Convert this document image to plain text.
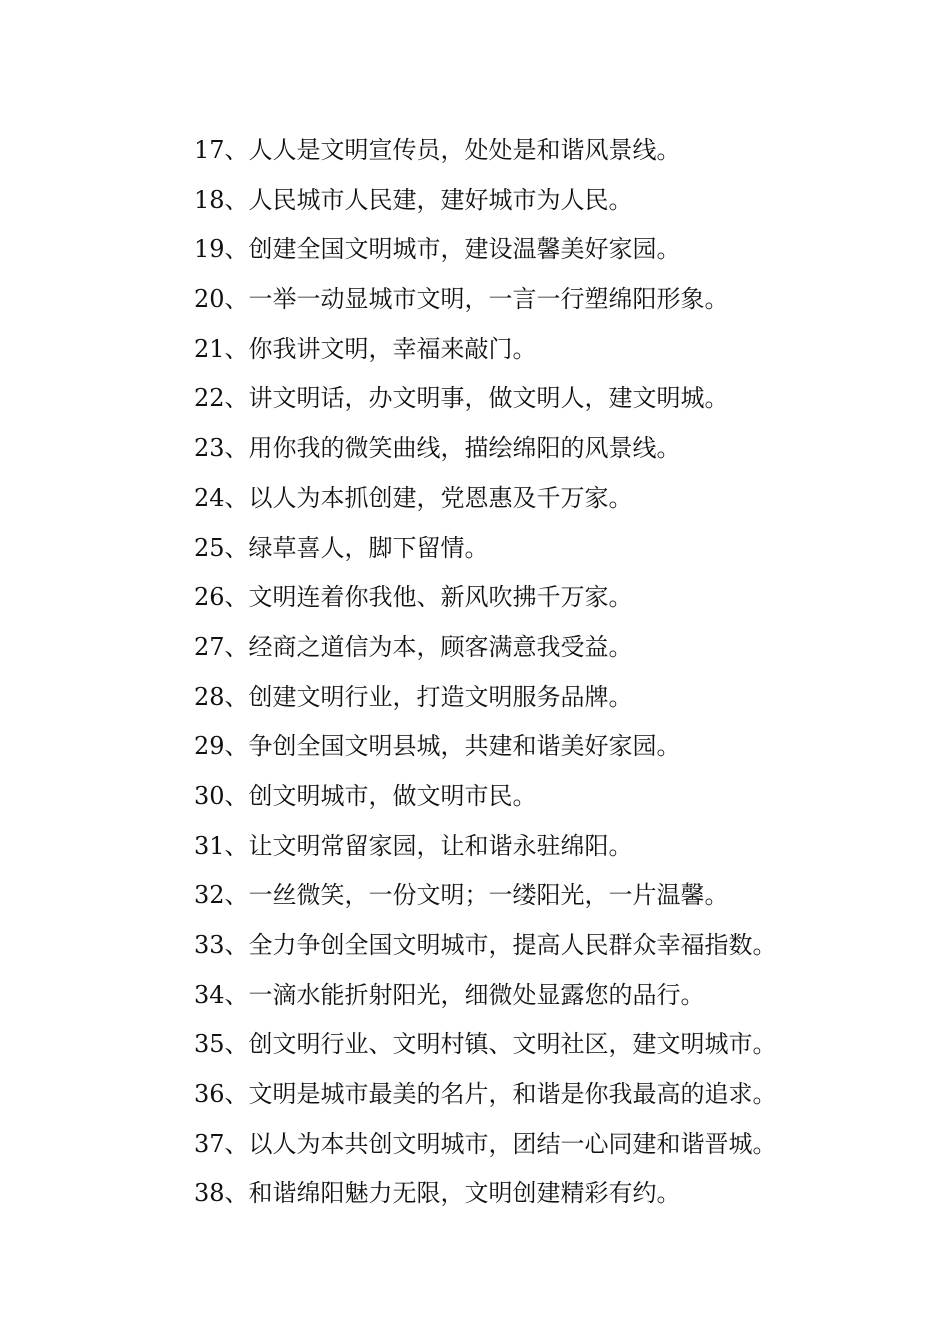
17、人人是文明宣传员，处处是和谐风景线。
18、人民城市人民建，建好城市为人民。
19、创建全国文明城市，建设温馨美好家园。
20、一举一动显城市文明，一言一行塑绵阳形象。
21、你我讲文明，幸福来敲门。
22、讲文明话，办文明事，做文明人，建文明城。
23、用你我的微笑曲线，描绘绵阳的风景线。
24、以人为本抓创建，党恩惠及千万家。
25、绿草喜人，脚下留情。
26、文明连着你我他、新风吹拂千万家。
27、经商之道信为本，顾客满意我受益。
28、创建文明行业，打造文明服务品牌。
29、争创全国文明县城，共建和谐美好家园。
30、创文明城市，做文明市民。
31、让文明常留家园，让和谐永驻绵阳。
32、一丝微笑，一份文明；一缕阳光，一片温馨。
33、全力争创全国文明城市，提高人民群众幸福指数。
34、一滴水能折射阳光，细微处显露您的品行。
35、创文明行业、文明村镇、文明社区，建文明城市。
36、文明是城市最美的名片，和谐是你我最高的追求。
37、以人为本共创文明城市，团结一心同建和谐晋城。
38、和谐绵阳魅力无限，文明创建精彩有约。
